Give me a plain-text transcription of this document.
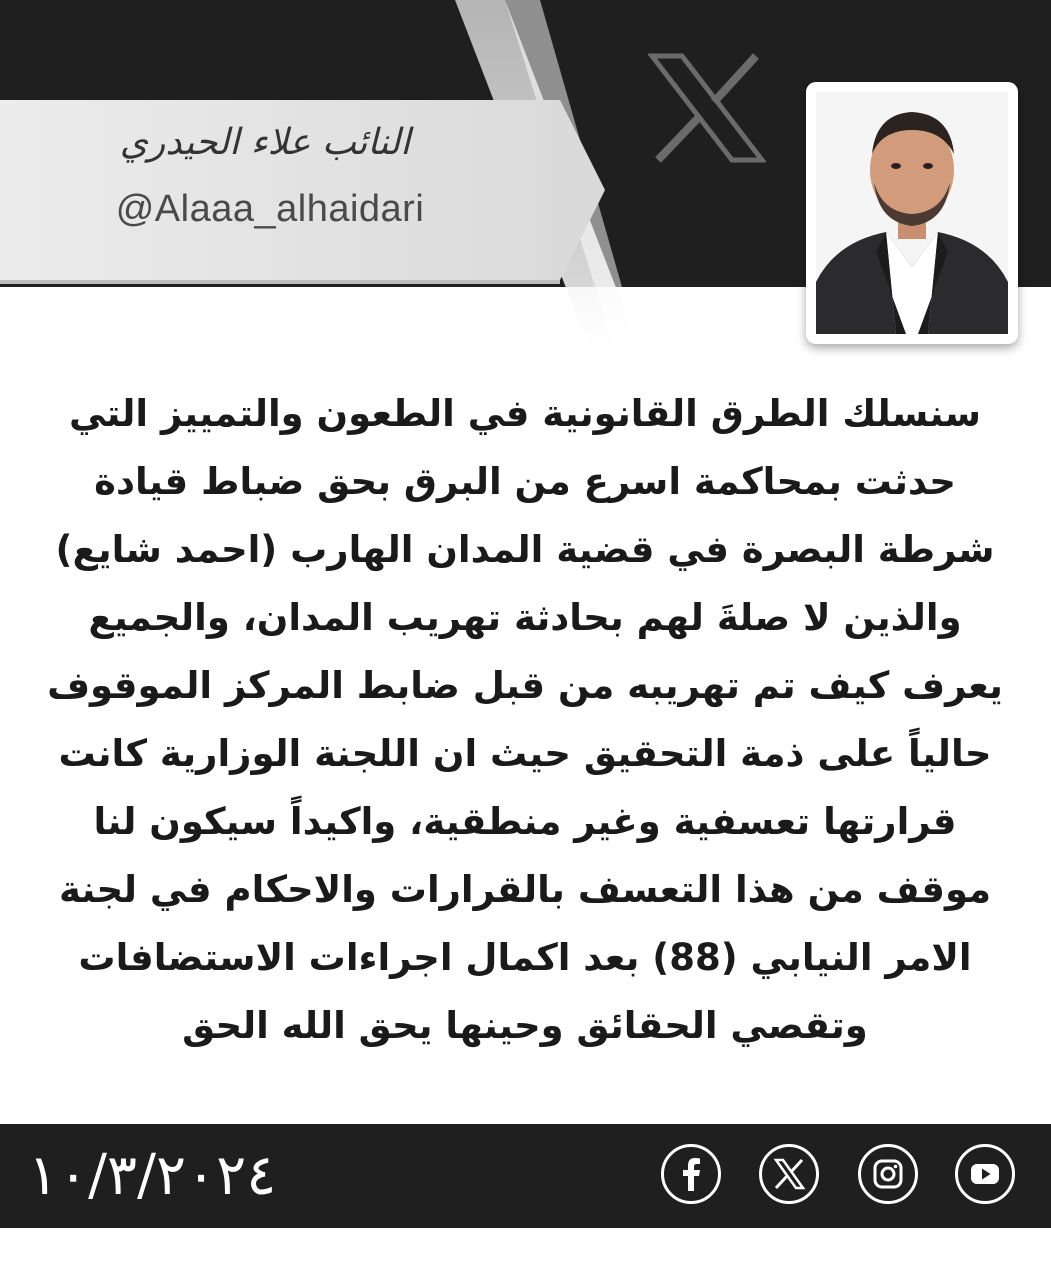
النائب علاء الحيدري
@Alaaa_alhaidari
سنسلك الطرق القانونية في الطعون والتمييز التي
حدثت بمحاكمة اسرع من البرق بحق ضباط قيادة
شرطة البصرة في قضية المدان الهارب (احمد شايع)
والذين لا صلةَ لهم بحادثة تهريب المدان، والجميع
يعرف كيف تم تهريبه من قبل ضابط المركز الموقوف
حالياً على ذمة التحقيق حيث ان اللجنة الوزارية كانت
قرارتها تعسفية وغير منطقية، واكيداً سيكون لنا
موقف من هذا التعسف بالقرارات والاحكام في لجنة
الامر النيابي (88) بعد اكمال اجراءات الاستضافات
وتقصي الحقائق وحينها يحق الله الحق
١٠/٣/٢٠٢٤
